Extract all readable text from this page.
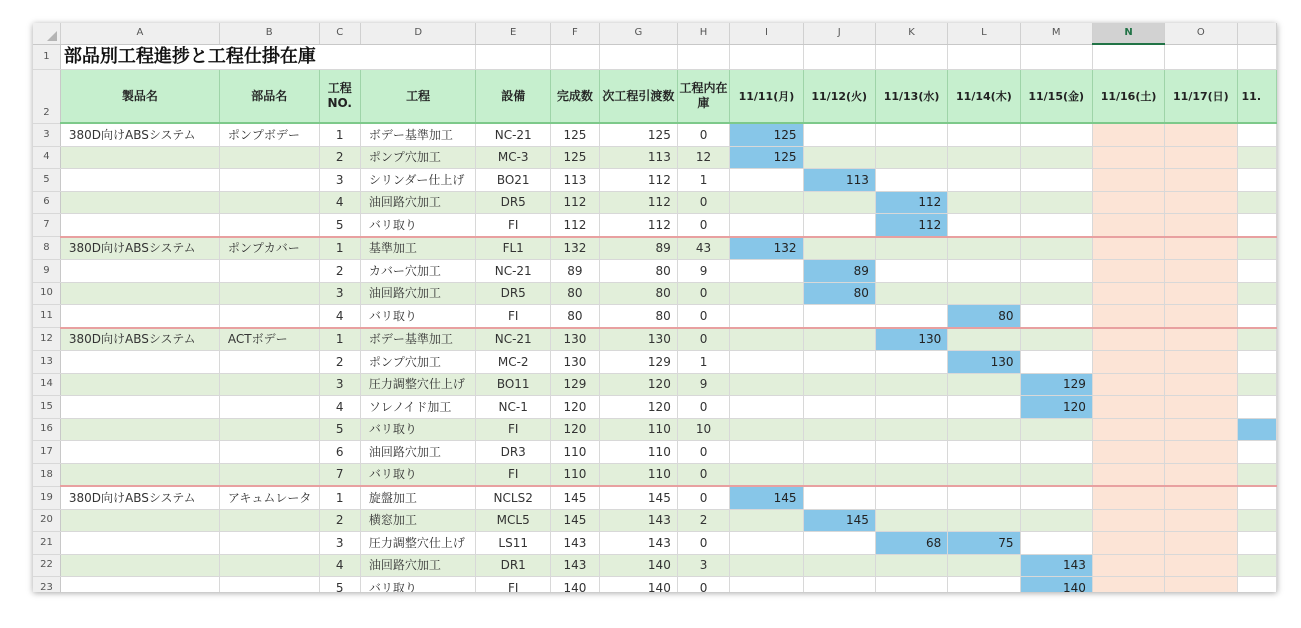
	A	B	C	D	E	F	G	H	I	J	K	L	M	N	O	
1	部品別工程進捗と工程仕掛在庫															
2	製品名	部品名	工程NO.	工程	設備	完成数	次工程引渡数	工程内在庫	11/11(月)	11/12(火)	11/13(水)	11/14(木)	11/15(金)	11/16(土)	11/17(日)	11.
3	380D向けABSシステム	ポンプボデー	1	ボデー基準加工	NC-21	125	125	0	125							
4			2	ポンプ穴加工	MC-3	125	113	12	125							
5			3	シリンダー仕上げ	BO21	113	112	1		113						
6			4	油回路穴加工	DR5	112	112	0			112					
7			5	バリ取り	FI	112	112	0			112					
8	380D向けABSシステム	ポンプカバー	1	基準加工	FL1	132	89	43	132							
9			2	カバー穴加工	NC-21	89	80	9		89						
10			3	油回路穴加工	DR5	80	80	0		80						
11			4	バリ取り	FI	80	80	0				80				
12	380D向けABSシステム	ACTボデー	1	ボデー基準加工	NC-21	130	130	0			130					
13			2	ポンプ穴加工	MC-2	130	129	1				130				
14			3	圧力調整穴仕上げ	BO11	129	120	9					129			
15			4	ソレノイド加工	NC-1	120	120	0					120			
16			5	バリ取り	FI	120	110	10								
17			6	油回路穴加工	DR3	110	110	0								
18			7	バリ取り	FI	110	110	0								
19	380D向けABSシステム	アキュムレータ	1	旋盤加工	NCLS2	145	145	0	145							
20			2	横窓加工	MCL5	145	143	2		145						
21			3	圧力調整穴仕上げ	LS11	143	143	0			68	75				
22			4	油回路穴加工	DR1	143	140	3					143			
23			5	バリ取り	FI	140	140	0					140			
